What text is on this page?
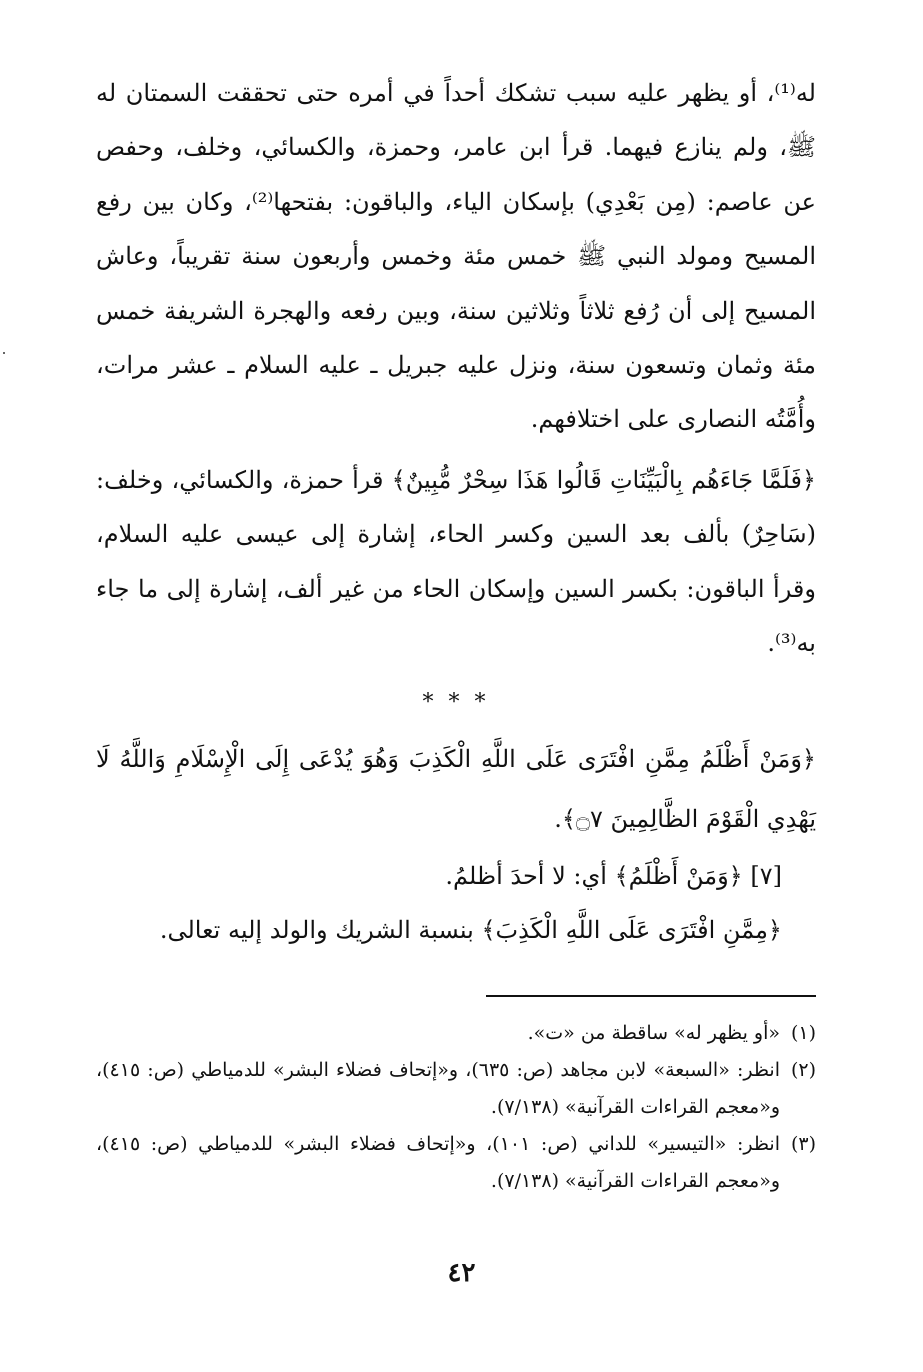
له⁽¹⁾، أو يظهر عليه سبب تشكك أحداً في أمره حتى تحققت السمتان له ﷺ، ولم ينازع فيهما. قرأ ابن عامر، وحمزة، والكسائي، وخلف، وحفص عن عاصم: (مِن بَعْدِي) بإسكان الياء، والباقون: بفتحها⁽²⁾، وكان بين رفع المسيح ومولد النبي ﷺ خمس مئة وخمس وأربعون سنة تقريباً، وعاش المسيح إلى أن رُفع ثلاثاً وثلاثين سنة، وبين رفعه والهجرة الشريفة خمس مئة وثمان وتسعون سنة، ونزل عليه جبريل ـ عليه السلام ـ عشر مرات، وأُمَّتُه النصارى على اختلافهم.

﴿فَلَمَّا جَاءَهُم بِالْبَيِّنَاتِ قَالُوا هَذَا سِحْرٌ مُّبِينٌ﴾ قرأ حمزة، والكسائي، وخلف: (سَاحِرٌ) بألف بعد السين وكسر الحاء، إشارة إلى عيسى عليه السلام، وقرأ الباقون: بكسر السين وإسكان الحاء من غير ألف، إشارة إلى ما جاء به⁽³⁾.

* * *

﴿وَمَنْ أَظْلَمُ مِمَّنِ افْتَرَى عَلَى اللَّهِ الْكَذِبَ وَهُوَ يُدْعَى إِلَى الْإِسْلَامِ وَاللَّهُ لَا يَهْدِي الْقَوْمَ الظَّالِمِينَ ۝٧﴾.

[٧] ﴿وَمَنْ أَظْلَمُ﴾ أي: لا أحدَ أظلمُ.

﴿مِمَّنِ افْتَرَى عَلَى اللَّهِ الْكَذِبَ﴾ بنسبة الشريك والولد إليه تعالى.

(١)
«أو يظهر له» ساقطة من «ت».
(٢)
انظر: «السبعة» لابن مجاهد (ص: ٦٣٥)، و«إتحاف فضلاء البشر» للدمياطي (ص: ٤١٥)، و«معجم القراءات القرآنية» (٧/١٣٨).
(٣)
انظر: «التيسير» للداني (ص: ١٠١)، و«إتحاف فضلاء البشر» للدمياطي (ص: ٤١٥)، و«معجم القراءات القرآنية» (٧/١٣٨).
٤٢
